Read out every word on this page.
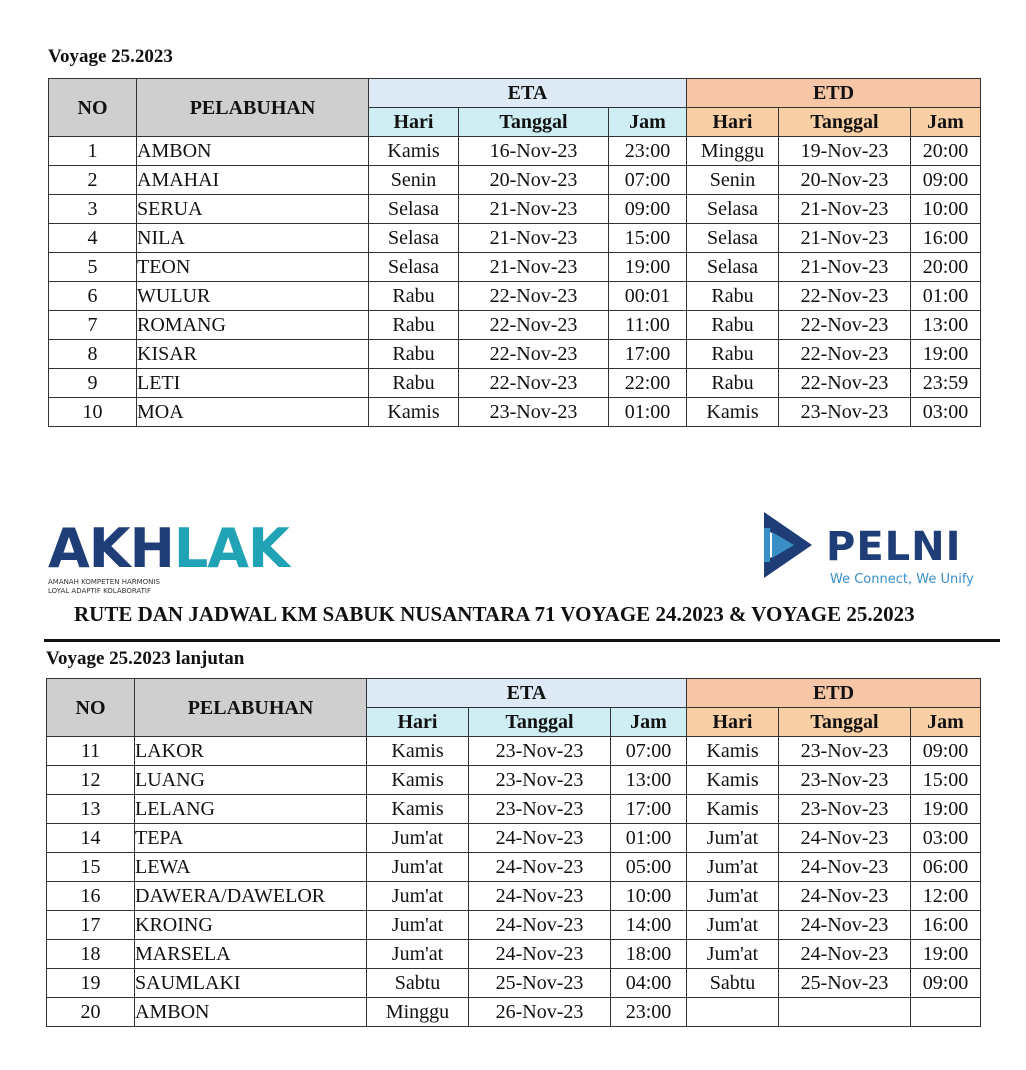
Voyage 25.2023
NO	PELABUHAN	ETA			ETD		
		Hari	Tanggal	Jam	Hari	Tanggal	Jam
1	AMBON	Kamis	16-Nov-23	23:00	Minggu	19-Nov-23	20:00
2	AMAHAI	Senin	20-Nov-23	07:00	Senin	20-Nov-23	09:00
3	SERUA	Selasa	21-Nov-23	09:00	Selasa	21-Nov-23	10:00
4	NILA	Selasa	21-Nov-23	15:00	Selasa	21-Nov-23	16:00
5	TEON	Selasa	21-Nov-23	19:00	Selasa	21-Nov-23	20:00
6	WULUR	Rabu	22-Nov-23	00:01	Rabu	22-Nov-23	01:00
7	ROMANG	Rabu	22-Nov-23	11:00	Rabu	22-Nov-23	13:00
8	KISAR	Rabu	22-Nov-23	17:00	Rabu	22-Nov-23	19:00
9	LETI	Rabu	22-Nov-23	22:00	Rabu	22-Nov-23	23:59
10	MOA	Kamis	23-Nov-23	01:00	Kamis	23-Nov-23	03:00
AKHLAK
AMANAH KOMPETEN HARMONIS
LOYAL ADAPTIF KOLABORATIF
PELNI
We Connect, We Unify
RUTE DAN JADWAL KM SABUK NUSANTARA 71 VOYAGE 24.2023 & VOYAGE 25.2023
Voyage 25.2023 lanjutan
NO	PELABUHAN	ETA			ETD		
		Hari	Tanggal	Jam	Hari	Tanggal	Jam
11	LAKOR	Kamis	23-Nov-23	07:00	Kamis	23-Nov-23	09:00
12	LUANG	Kamis	23-Nov-23	13:00	Kamis	23-Nov-23	15:00
13	LELANG	Kamis	23-Nov-23	17:00	Kamis	23-Nov-23	19:00
14	TEPA	Jum'at	24-Nov-23	01:00	Jum'at	24-Nov-23	03:00
15	LEWA	Jum'at	24-Nov-23	05:00	Jum'at	24-Nov-23	06:00
16	DAWERA/DAWELOR	Jum'at	24-Nov-23	10:00	Jum'at	24-Nov-23	12:00
17	KROING	Jum'at	24-Nov-23	14:00	Jum'at	24-Nov-23	16:00
18	MARSELA	Jum'at	24-Nov-23	18:00	Jum'at	24-Nov-23	19:00
19	SAUMLAKI	Sabtu	25-Nov-23	04:00	Sabtu	25-Nov-23	09:00
20	AMBON	Minggu	26-Nov-23	23:00			
